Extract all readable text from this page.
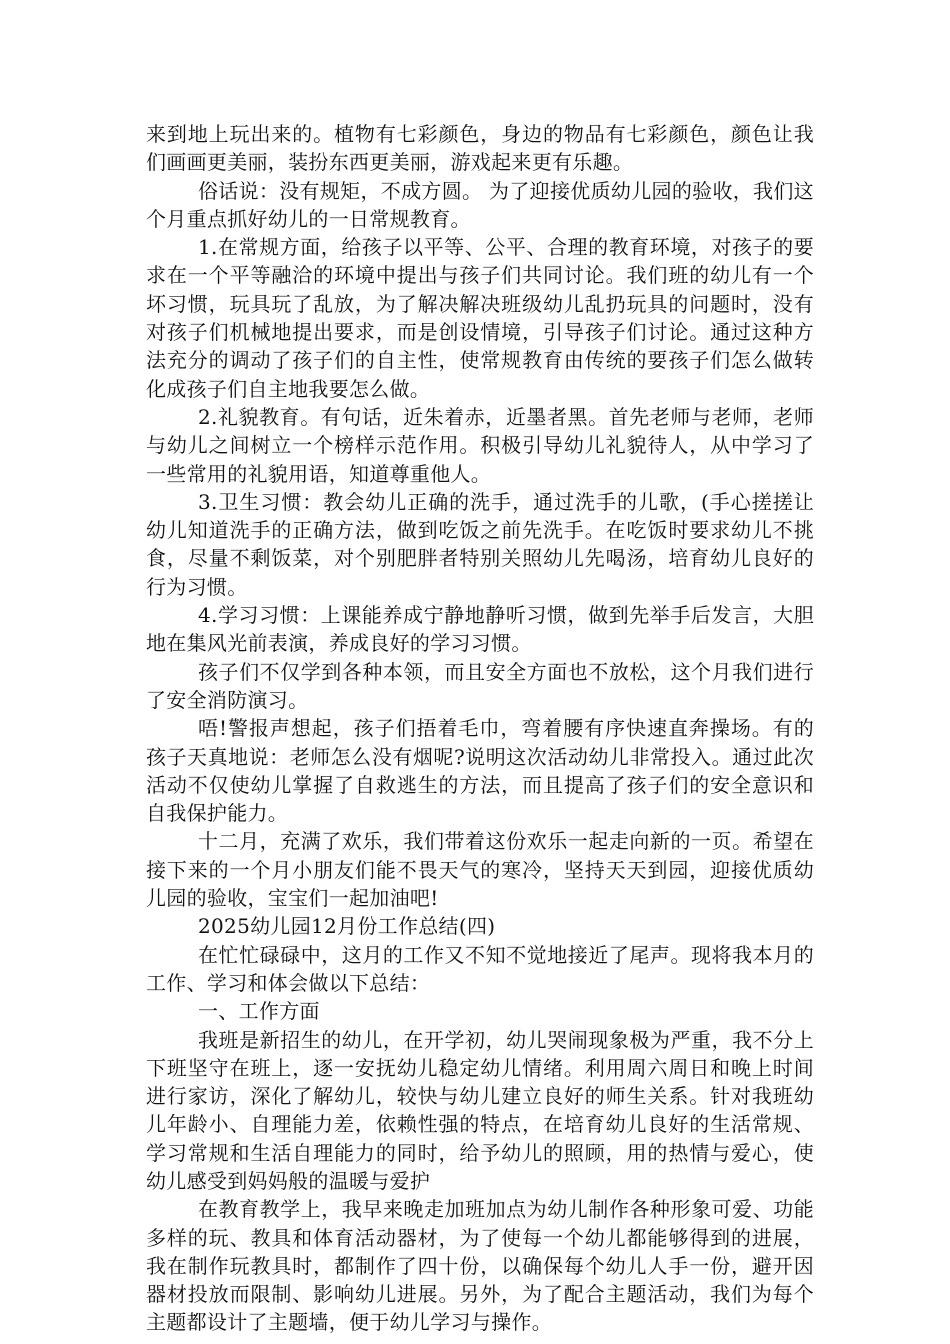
来到地上玩出来的。植物有七彩颜色，身边的物品有七彩颜色，颜色让我们画画更美丽，装扮东西更美丽，游戏起来更有乐趣。

俗话说：没有规矩，不成方圆。 为了迎接优质幼儿园的验收，我们这个月重点抓好幼儿的一日常规教育。

1.在常规方面，给孩子以平等、公平、合理的教育环境，对孩子的要求在一个平等融洽的环境中提出与孩子们共同讨论。我们班的幼儿有一个坏习惯，玩具玩了乱放，为了解决解决班级幼儿乱扔玩具的问题时，没有对孩子们机械地提出要求，而是创设情境，引导孩子们讨论。通过这种方法充分的调动了孩子们的自主性，使常规教育由传统的要孩子们怎么做转化成孩子们自主地我要怎么做。

2.礼貌教育。有句话，近朱着赤，近墨者黑。首先老师与老师，老师与幼儿之间树立一个榜样示范作用。积极引导幼儿礼貌待人，从中学习了一些常用的礼貌用语，知道尊重他人。

3.卫生习惯：教会幼儿正确的洗手，通过洗手的儿歌，(手心搓搓让幼儿知道洗手的正确方法，做到吃饭之前先洗手。在吃饭时要求幼儿不挑食，尽量不剩饭菜，对个别肥胖者特别关照幼儿先喝汤，培育幼儿良好的行为习惯。

4.学习习惯：上课能养成宁静地静听习惯，做到先举手后发言，大胆地在集风光前表演，养成良好的学习习惯。

孩子们不仅学到各种本领，而且安全方面也不放松，这个月我们进行了安全消防演习。

唔!警报声想起，孩子们捂着毛巾，弯着腰有序快速直奔操场。有的孩子天真地说：老师怎么没有烟呢?说明这次活动幼儿非常投入。通过此次活动不仅使幼儿掌握了自救逃生的方法，而且提高了孩子们的安全意识和自我保护能力。

十二月，充满了欢乐，我们带着这份欢乐一起走向新的一页。希望在接下来的一个月小朋友们能不畏天气的寒冷，坚持天天到园，迎接优质幼儿园的验收，宝宝们一起加油吧!

2025幼儿园12月份工作总结(四)

在忙忙碌碌中，这月的工作又不知不觉地接近了尾声。现将我本月的工作、学习和体会做以下总结：

一、工作方面

我班是新招生的幼儿，在开学初，幼儿哭闹现象极为严重，我不分上下班坚守在班上，逐一安抚幼儿稳定幼儿情绪。利用周六周日和晚上时间进行家访，深化了解幼儿，较快与幼儿建立良好的师生关系。针对我班幼儿年龄小、自理能力差，依赖性强的特点，在培育幼儿良好的生活常规、学习常规和生活自理能力的同时，给予幼儿的照顾，用的热情与爱心，使幼儿感受到妈妈般的温暖与爱护

在教育教学上，我早来晚走加班加点为幼儿制作各种形象可爱、功能多样的玩、教具和体育活动器材，为了使每一个幼儿都能够得到的进展，我在制作玩教具时，都制作了四十份，以确保每个幼儿人手一份，避开因器材投放而限制、影响幼儿进展。另外，为了配合主题活动，我们为每个主题都设计了主题墙，便于幼儿学习与操作。
